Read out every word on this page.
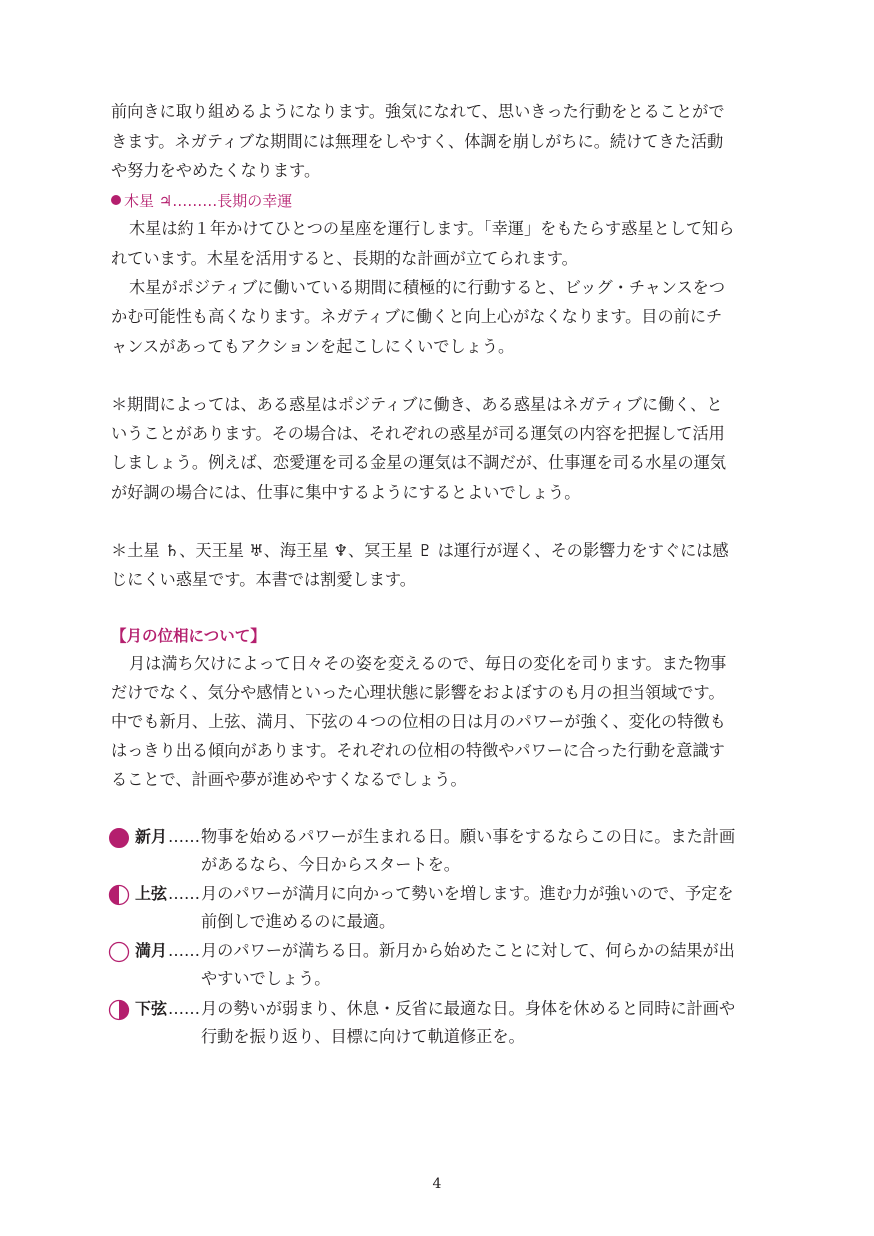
前向きに取り組めるようになります。強気になれて、思いきった行動をとることがで

きます。ネガティブな期間には無理をしやすく、体調を崩しがちに。続けてきた活動

や努力をやめたくなります。

木星 ♃………長期の幸運

木星は約１年かけてひとつの星座を運行します。「幸運」をもたらす惑星として知ら

れています。木星を活用すると、長期的な計画が立てられます。

木星がポジティブに働いている期間に積極的に行動すると、ビッグ・チャンスをつ

かむ可能性も高くなります。ネガティブに働くと向上心がなくなります。目の前にチ

ャンスがあってもアクションを起こしにくいでしょう。

＊期間によっては、ある惑星はポジティブに働き、ある惑星はネガティブに働く、と

いうことがあります。その場合は、それぞれの惑星が司る運気の内容を把握して活用

しましょう。例えば、恋愛運を司る金星の運気は不調だが、仕事運を司る水星の運気

が好調の場合には、仕事に集中するようにするとよいでしょう。

＊土星 ♄、天王星 ♅、海王星 ♆、冥王星 ♇ は運行が遅く、その影響力をすぐには感

じにくい惑星です。本書では割愛します。

【月の位相について】

月は満ち欠けによって日々その姿を変えるので、毎日の変化を司ります。また物事

だけでなく、気分や感情といった心理状態に影響をおよぼすのも月の担当領域です。

中でも新月、上弦、満月、下弦の４つの位相の日は月のパワーが強く、変化の特徴も

はっきり出る傾向があります。それぞれの位相の特徴やパワーに合った行動を意識す

ることで、計画や夢が進めやすくなるでしょう。

新月 …… 物事を始めるパワーが生まれる日。願い事をするならこの日に。また計画
があるなら、今日からスタートを。
上弦 …… 月のパワーが満月に向かって勢いを増します。進む力が強いので、予定を
前倒しで進めるのに最適。
満月 …… 月のパワーが満ちる日。新月から始めたことに対して、何らかの結果が出
やすいでしょう。
下弦 …… 月の勢いが弱まり、休息・反省に最適な日。身体を休めると同時に計画や
行動を振り返り、目標に向けて軌道修正を。
4
